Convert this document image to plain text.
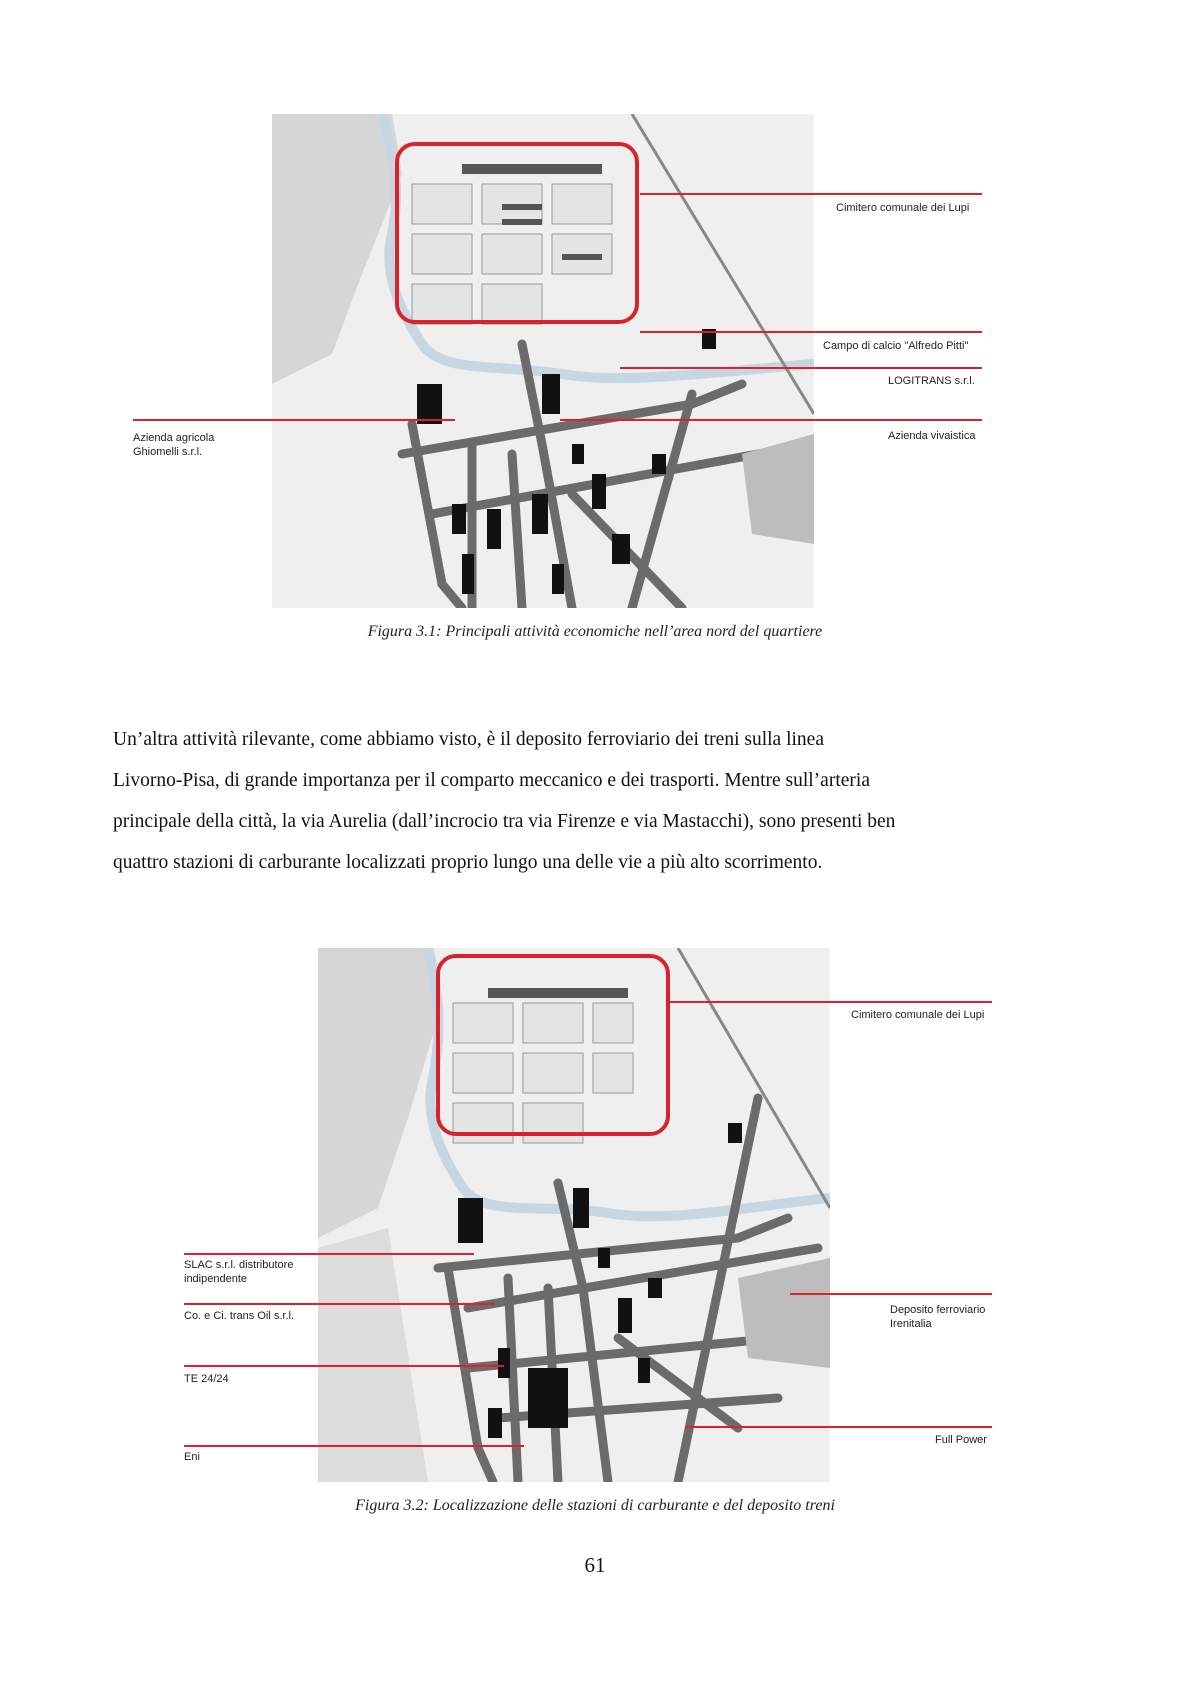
Cimitero comunale dei Lupi
Campo di calcio "Alfredo Pitti"
LOGITRANS s.r.l.
Azienda vivaistica
Azienda agricola
Ghiomelli s.r.l.
Figura 3.1: Principali attività economiche nell’area nord del quartiere
Un’altra attività rilevante, come abbiamo visto, è il deposito ferroviario dei treni sulla linea
Livorno-Pisa, di grande importanza per il comparto meccanico e dei trasporti. Mentre sull’arteria
principale della città, la via Aurelia (dall’incrocio tra via Firenze e via Mastacchi), sono presenti ben
quattro stazioni di carburante localizzati proprio lungo una delle vie a più alto scorrimento.
Cimitero comunale dei Lupi
SLAC s.r.l. distributore
indipendente
Co. e Ci. trans Oil s.r.l.
TE 24/24
Eni
Deposito ferroviario
Irenitalia
Full Power
Figura 3.2: Localizzazione delle stazioni di carburante e del deposito treni
61
